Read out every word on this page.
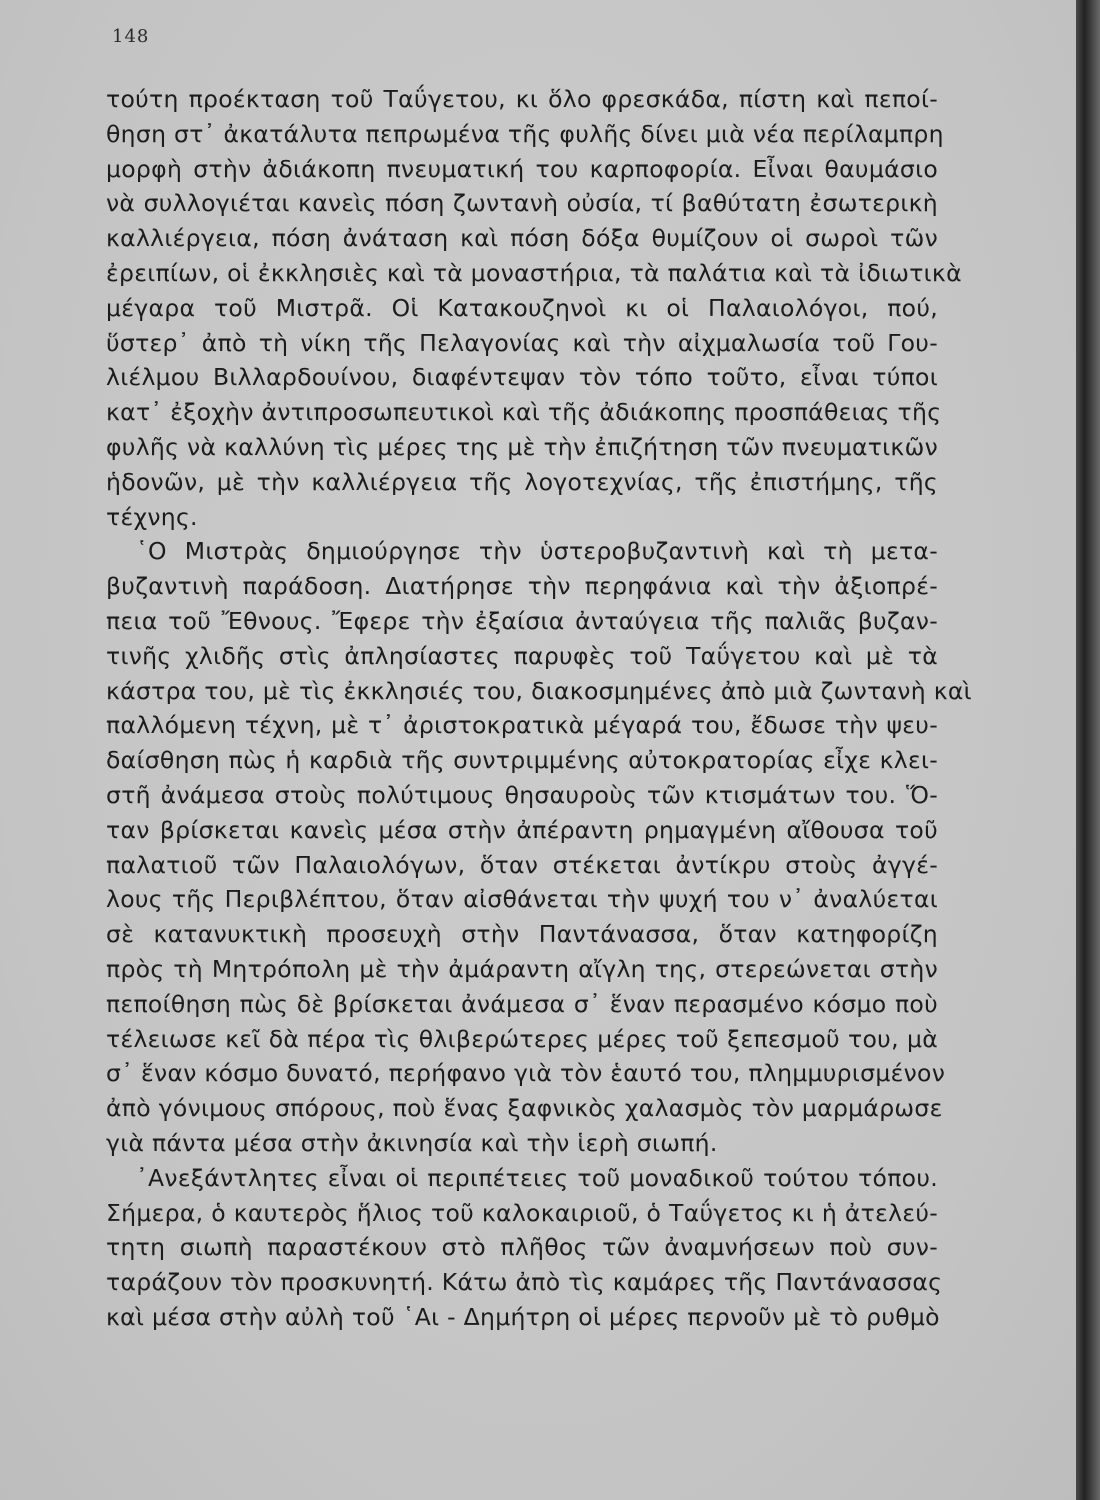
148
τούτη προέκταση τοῦ Ταΰγετου, κι ὅλο φρεσκάδα, πίστη καὶ πεποί-
θηση στ᾿ ἀκατάλυτα πεπρωμένα τῆς φυλῆς δίνει μιὰ νέα περίλαμπρη
μορφὴ στὴν ἀδιάκοπη πνευματική του καρποφορία. Εἶναι θαυμάσιο
νὰ συλλογιέται κανεὶς πόση ζωντανὴ οὐσία, τί βαθύτατη ἐσωτερικὴ
καλλιέργεια, πόση ἀνάταση καὶ πόση δόξα θυμίζουν οἱ σωροὶ τῶν
ἐρειπίων, οἱ ἐκκλησιὲς καὶ τὰ μοναστήρια, τὰ παλάτια καὶ τὰ ἰδιωτικὰ
μέγαρα τοῦ Μιστρᾶ. Οἱ Κατακουζηνοὶ κι οἱ Παλαιολόγοι, πού,
ὕστερ᾿ ἀπὸ τὴ νίκη τῆς Πελαγονίας καὶ τὴν αἰχμαλωσία τοῦ Γου-
λιέλμου Βιλλαρδουίνου, διαφέντεψαν τὸν τόπο τοῦτο, εἶναι τύποι
κατ᾿ ἐξοχὴν ἀντιπροσωπευτικοὶ καὶ τῆς ἀδιάκοπης προσπάθειας τῆς
φυλῆς νὰ καλλύνη τὶς μέρες της μὲ τὴν ἐπιζήτηση τῶν πνευματικῶν
ἡδονῶν, μὲ τὴν καλλιέργεια τῆς λογοτεχνίας, τῆς ἐπιστήμης, τῆς
τέχνης.
῾Ο Μιστρὰς δημιούργησε τὴν ὑστεροβυζαντινὴ καὶ τὴ μετα-
βυζαντινὴ παράδοση. Διατήρησε τὴν περηφάνια καὶ τὴν ἀξιοπρέ-
πεια τοῦ Ἔθνους. Ἔφερε τὴν ἐξαίσια ἀνταύγεια τῆς παλιᾶς βυζαν-
τινῆς χλιδῆς στὶς ἀπλησίαστες παρυφὲς τοῦ Ταΰγετου καὶ μὲ τὰ
κάστρα του, μὲ τὶς ἐκκλησιές του, διακοσμημένες ἀπὸ μιὰ ζωντανὴ καὶ
παλλόμενη τέχνη, μὲ τ᾿ ἀριστοκρατικὰ μέγαρά του, ἔδωσε τὴν ψευ-
δαίσθηση πὼς ἡ καρδιὰ τῆς συντριμμένης αὐτοκρατορίας εἶχε κλει-
στῆ ἀνάμεσα στοὺς πολύτιμους θησαυροὺς τῶν κτισμάτων του. Ὅ-
ταν βρίσκεται κανεὶς μέσα στὴν ἀπέραντη ρημαγμένη αἴθουσα τοῦ
παλατιοῦ τῶν Παλαιολόγων, ὅταν στέκεται ἀντίκρυ στοὺς ἀγγέ-
λους τῆς Περιβλέπτου, ὅταν αἰσθάνεται τὴν ψυχή του ν᾿ ἀναλύεται
σὲ κατανυκτικὴ προσευχὴ στὴν Παντάνασσα, ὅταν κατηφορίζη
πρὸς τὴ Μητρόπολη μὲ τὴν ἀμάραντη αἴγλη της, στερεώνεται στὴν
πεποίθηση πὼς δὲ βρίσκεται ἀνάμεσα σ᾿ ἕναν περασμένο κόσμο ποὺ
τέλειωσε κεῖ δὰ πέρα τὶς θλιβερώτερες μέρες τοῦ ξεπεσμοῦ του, μὰ
σ᾿ ἕναν κόσμο δυνατό, περήφανο γιὰ τὸν ἑαυτό του, πλημμυρισμένον
ἀπὸ γόνιμους σπόρους, ποὺ ἕνας ξαφνικὸς χαλασμὸς τὸν μαρμάρωσε
γιὰ πάντα μέσα στὴν ἀκινησία καὶ τὴν ἱερὴ σιωπή.
᾿Ανεξάντλητες εἶναι οἱ περιπέτειες τοῦ μοναδικοῦ τούτου τόπου.
Σήμερα, ὁ καυτερὸς ἥλιος τοῦ καλοκαιριοῦ, ὁ Ταΰγετος κι ἡ ἀτελεύ-
τητη σιωπὴ παραστέκουν στὸ πλῆθος τῶν ἀναμνήσεων ποὺ συν-
ταράζουν τὸν προσκυνητή. Κάτω ἀπὸ τὶς καμάρες τῆς Παντάνασσας
καὶ μέσα στὴν αὐλὴ τοῦ ῾Αι - Δημήτρη οἱ μέρες περνοῦν μὲ τὸ ρυθμὸ
